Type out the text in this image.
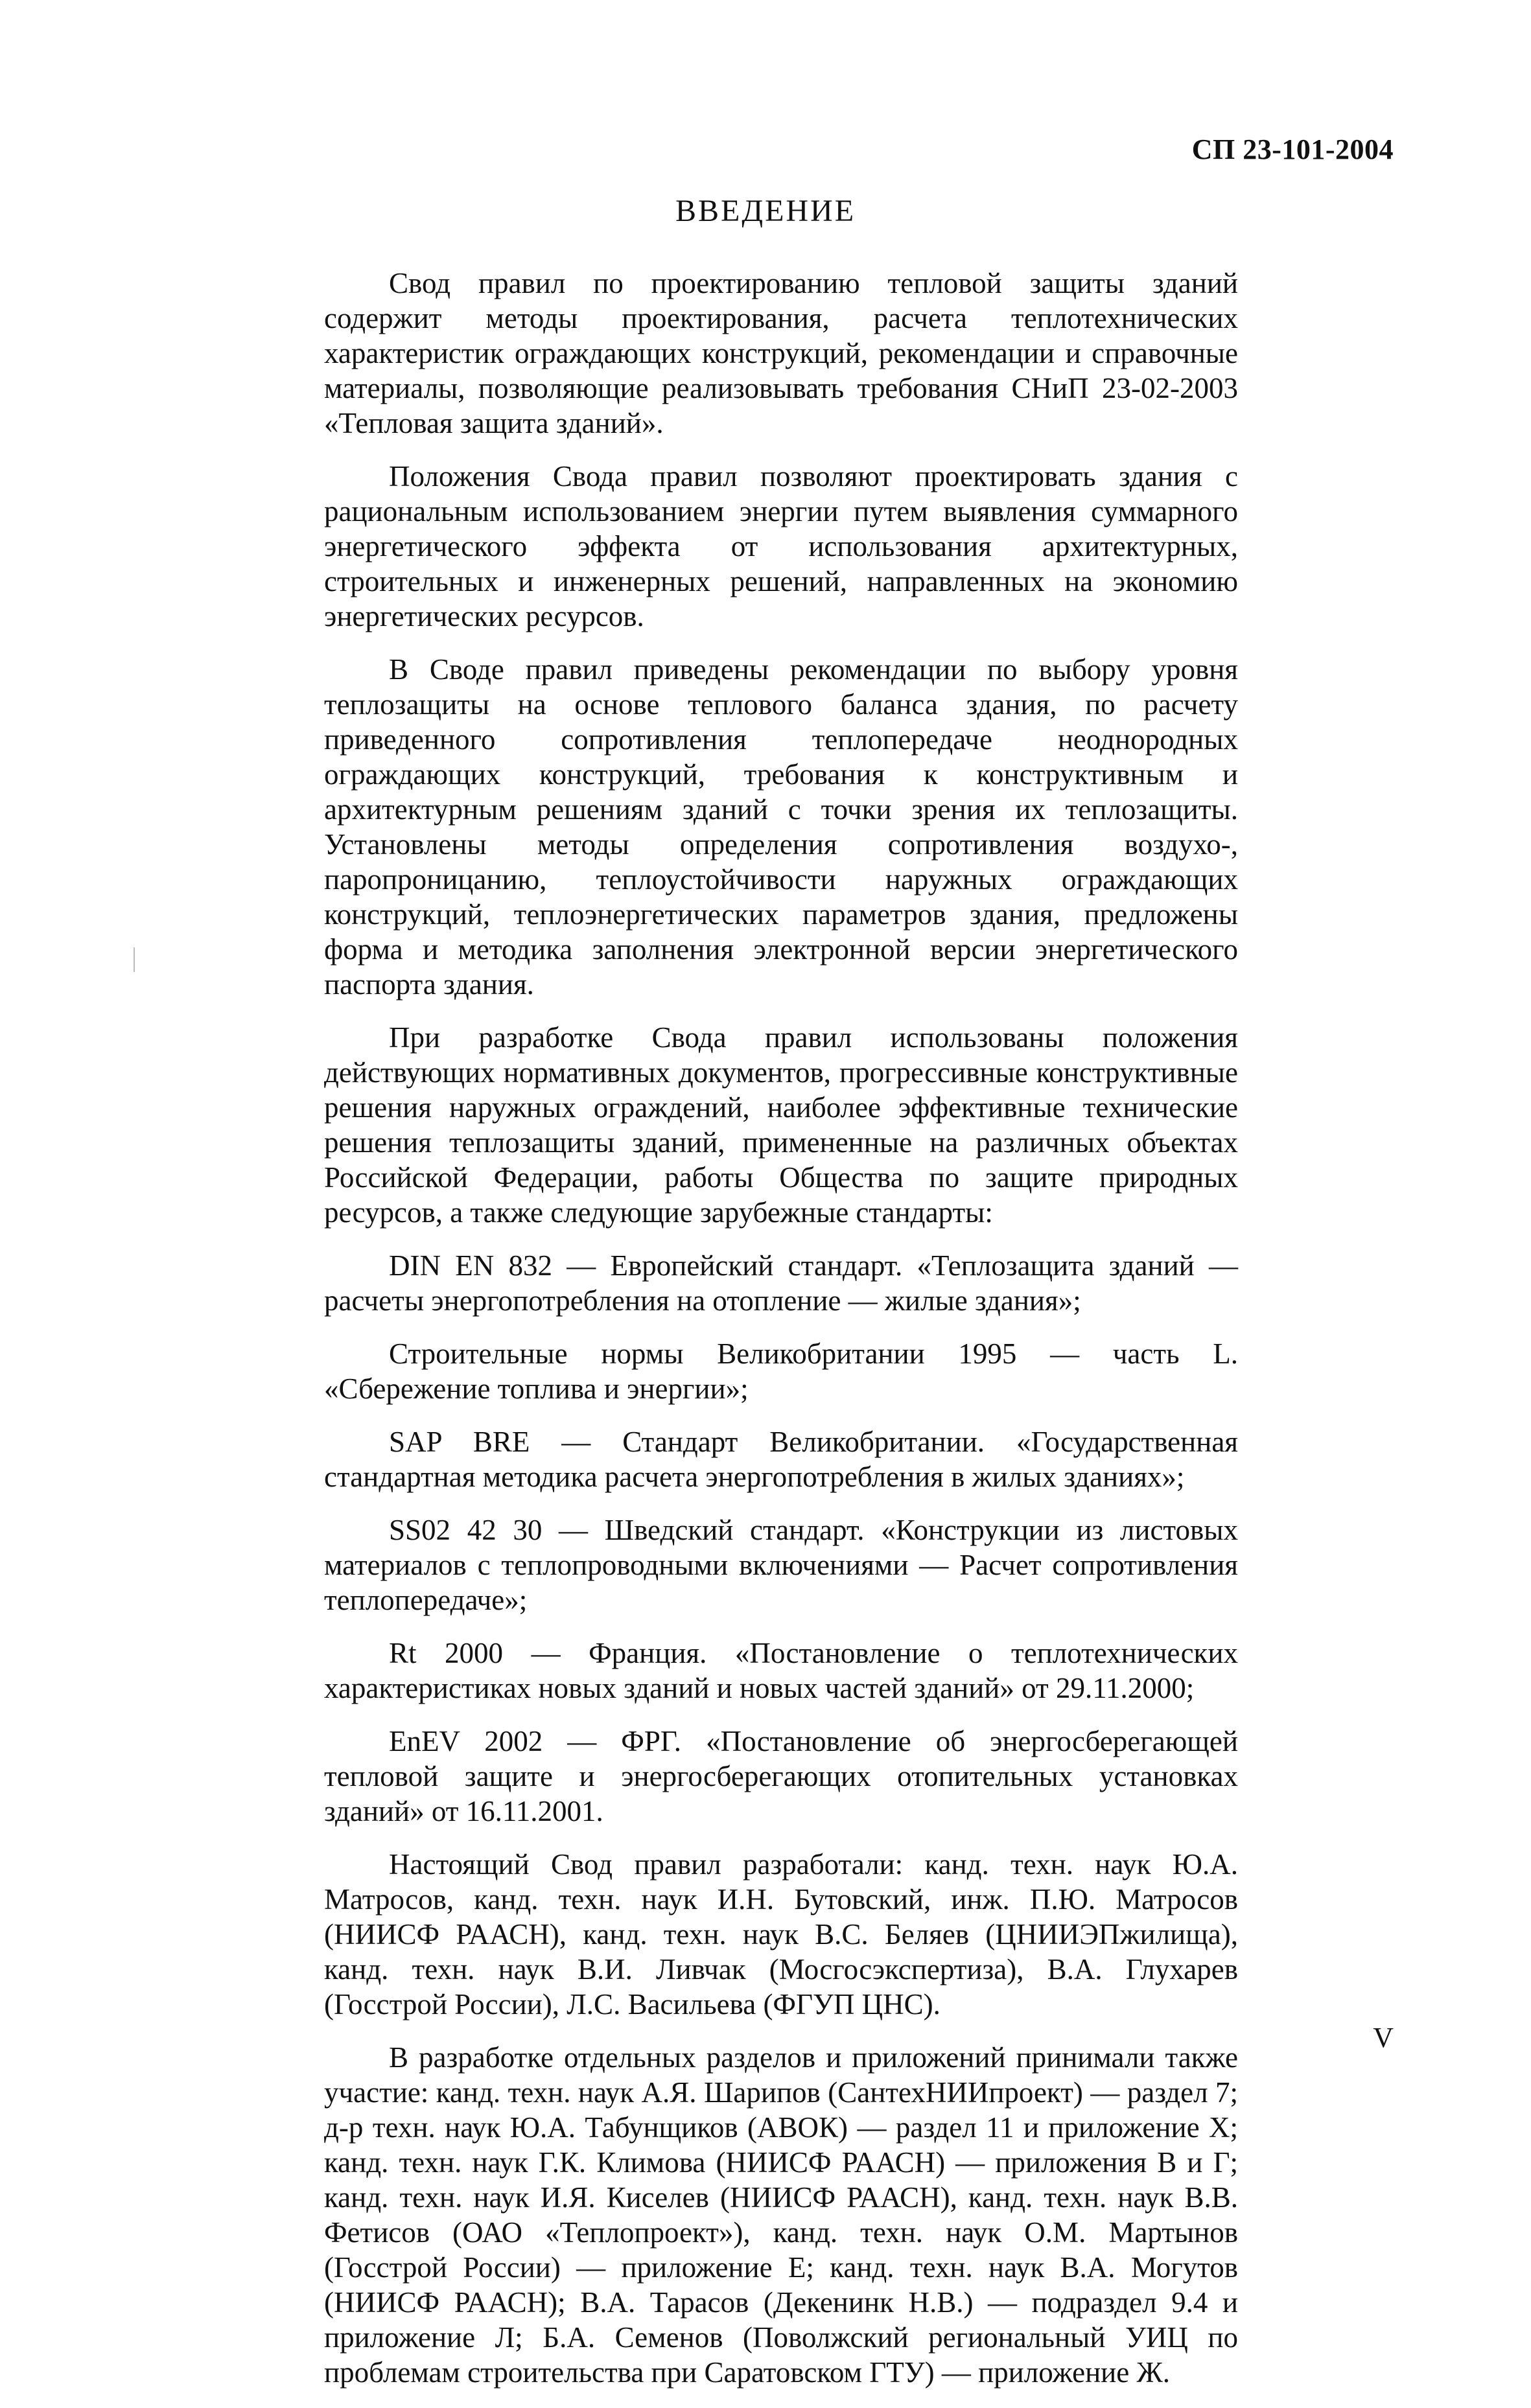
СП 23-101-2004
ВВЕДЕНИЕ

Свод правил по проектированию тепловой защиты зданий содержит методы проектирования, расчета теплотехнических характеристик ограждающих конструкций, рекомендации и справочные материалы, позволяющие реализовывать требования СНиП 23-02-2003 «Тепловая защита зданий».

Положения Свода правил позволяют проектировать здания с рациональным использованием энергии путем выявления суммарного энергетического эффекта от использования архитектурных, строительных и инженерных решений, направленных на экономию энергетических ресурсов.

В Своде правил приведены рекомендации по выбору уровня теплозащиты на основе теплового баланса здания, по расчету приведенного сопротивления теплопередаче неоднородных ограждающих конструкций, требования к конструктивным и архитектурным решениям зданий с точки зрения их теплозащиты. Установлены методы определения сопротивления воздухо-, паропроницанию, теплоустойчивости наружных ограждающих конструкций, теплоэнергетических параметров здания, предложены форма и методика заполнения электронной версии энергетического паспорта здания.

При разработке Свода правил использованы положения действующих нормативных документов, прогрессивные конструктивные решения наружных ограждений, наиболее эффективные технические решения теплозащиты зданий, примененные на различных объектах Российской Федерации, работы Общества по защите природных ресурсов, а также следующие зарубежные стандарты:

DIN EN 832 — Европейский стандарт. «Теплозащита зданий — расчеты энергопотребления на отопление — жилые здания»;

Строительные нормы Великобритании 1995 — часть L. «Сбережение топлива и энергии»;

SAP BRE — Стандарт Великобритании. «Государственная стандартная методика расчета энергопотребления в жилых зданиях»;

SS02 42 30 — Шведский стандарт. «Конструкции из листовых материалов с теплопроводными включениями — Расчет сопротивления теплопередаче»;

Rt 2000 — Франция. «Постановление о теплотехнических характеристиках новых зданий и новых частей зданий» от 29.11.2000;

EnEV 2002 — ФРГ. «Постановление об энергосберегающей тепловой защите и энергосберегающих отопительных установках зданий» от 16.11.2001.

Настоящий Свод правил разработали: канд. техн. наук Ю.А. Матросов, канд. техн. наук И.Н. Бутовский, инж. П.Ю. Матросов (НИИСФ РААСН), канд. техн. наук В.С. Беляев (ЦНИИЭПжилища), канд. техн. наук В.И. Ливчак (Мосгосэкспертиза), В.А. Глухарев (Госстрой России), Л.С. Васильева (ФГУП ЦНС).

В разработке отдельных разделов и приложений принимали также участие: канд. техн. наук А.Я. Шарипов (СантехНИИпроект) — раздел 7; д-р техн. наук Ю.А. Табунщиков (АВОК) — раздел 11 и приложение Х; канд. техн. наук Г.К. Климова (НИИСФ РААСН) — приложения В и Г; канд. техн. наук И.Я. Киселев (НИИСФ РААСН), канд. техн. наук В.В. Фетисов (ОАО «Теплопроект»), канд. техн. наук О.М. Мартынов (Госстрой России) — приложение Е; канд. техн. наук В.А. Могутов (НИИСФ РААСН); В.А. Тарасов (Декенинк Н.В.) — подраздел 9.4 и приложение Л; Б.А. Семенов (Поволжский региональный УИЦ по проблемам строительства при Саратовском ГТУ) — приложение Ж.

V
